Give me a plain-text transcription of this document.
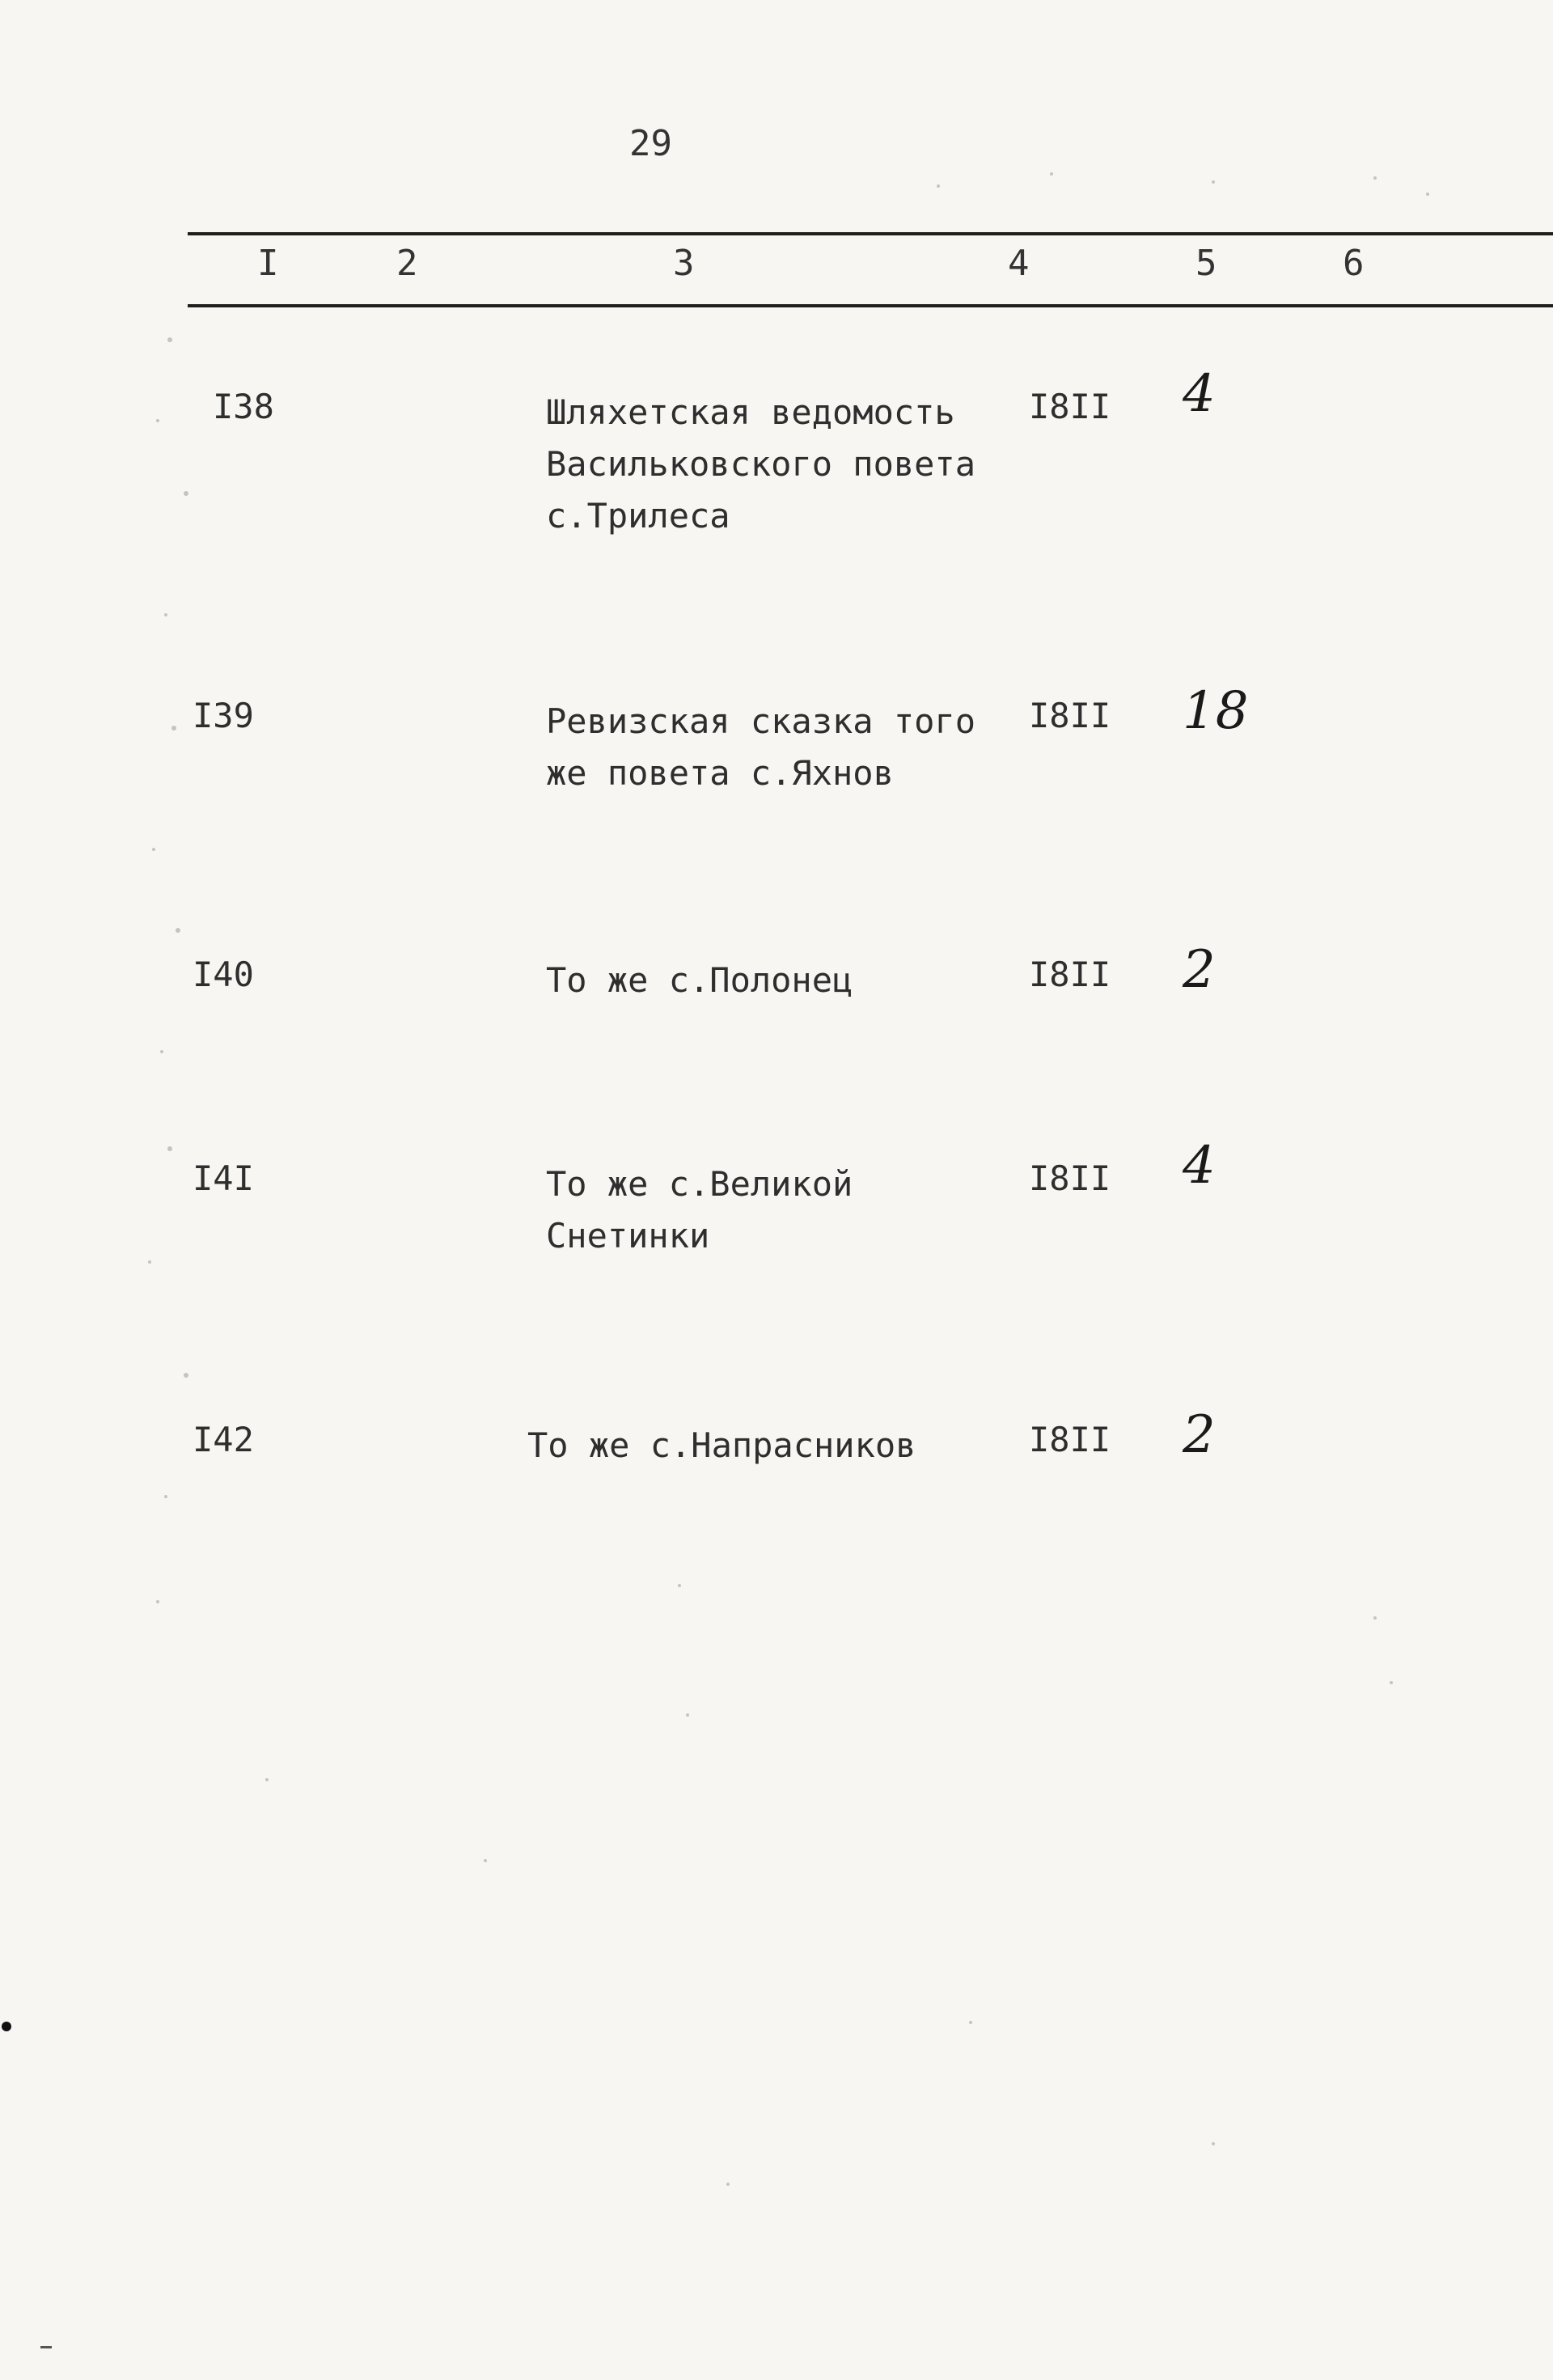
29
I	2	3	4	5	6
I38	Шляхетская ведомость
Васильковского повета
с.Трилеса
I8II 4
I39	Ревизская сказка того
же повета с.Яхнов
I8II 18
I40	То же с.Полонец	I8II 2
I4I	То же с.Великой
Снетинки
I8II 4
I42	То же с.Напрасников	I8II 2
